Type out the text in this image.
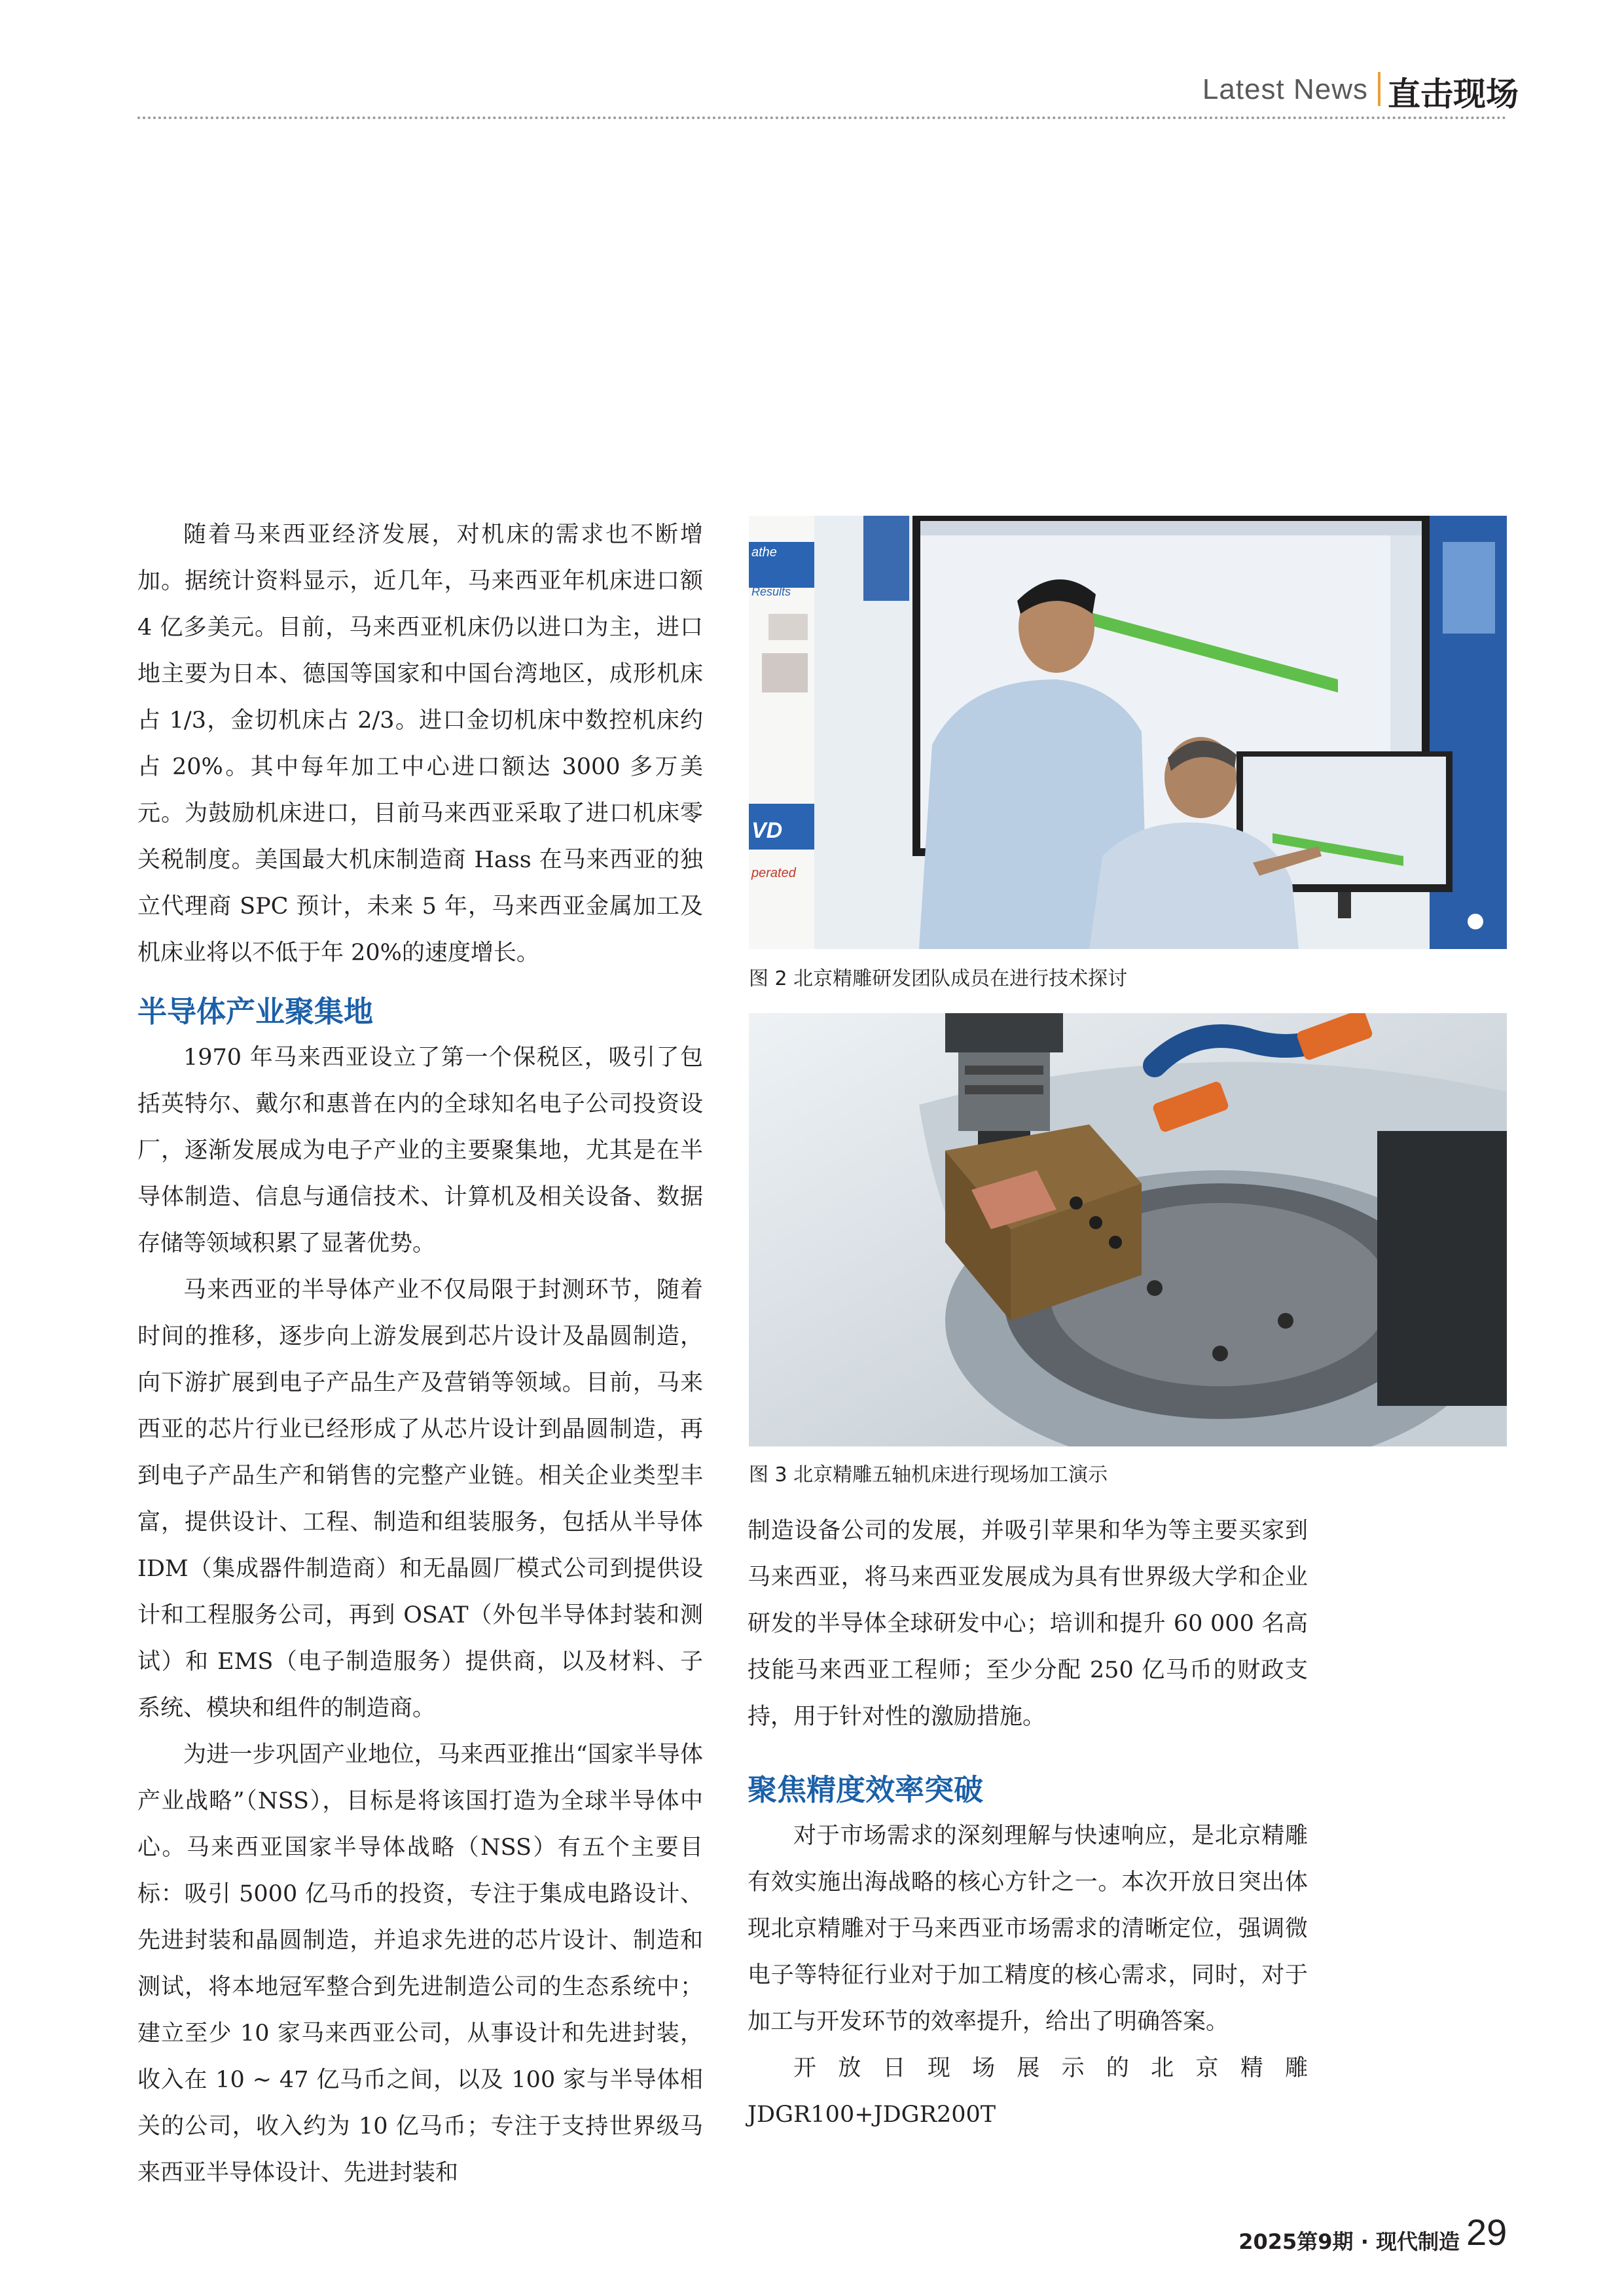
Latest News 直击现场

随着马来西亚经济发展，对机床的需求也不断增加。据统计资料显示，近几年，马来西亚年机床进口额 4 亿多美元。目前，马来西亚机床仍以进口为主，进口地主要为日本、德国等国家和中国台湾地区，成形机床占 1/3，金切机床占 2/3。进口金切机床中数控机床约占 20%。其中每年加工中心进口额达 3000 多万美元。为鼓励机床进口，目前马来西亚采取了进口机床零关税制度。美国最大机床制造商 Hass 在马来西亚的独立代理商 SPC 预计，未来 5 年，马来西亚金属加工及机床业将以不低于年 20%的速度增长。

半导体产业聚集地

1970 年马来西亚设立了第一个保税区，吸引了包括英特尔、戴尔和惠普在内的全球知名电子公司投资设厂，逐渐发展成为电子产业的主要聚集地，尤其是在半导体制造、信息与通信技术、计算机及相关设备、数据存储等领域积累了显著优势。

马来西亚的半导体产业不仅局限于封测环节，随着时间的推移，逐步向上游发展到芯片设计及晶圆制造，向下游扩展到电子产品生产及营销等领域。目前，马来西亚的芯片行业已经形成了从芯片设计到晶圆制造，再到电子产品生产和销售的完整产业链。相关企业类型丰富，提供设计、工程、制造和组装服务，包括从半导体 IDM（集成器件制造商）和无晶圆厂模式公司到提供设计和工程服务公司，再到 OSAT（外包半导体封装和测试）和 EMS（电子制造服务）提供商，以及材料、子系统、模块和组件的制造商。

为进一步巩固产业地位，马来西亚推出“国家半导体产业战略”（NSS），目标是将该国打造为全球半导体中心。马来西亚国家半导体战略（NSS）有五个主要目标：吸引 5000 亿马币的投资，专注于集成电路设计、先进封装和晶圆制造，并追求先进的芯片设计、制造和测试，将本地冠军整合到先进制造公司的生态系统中；建立至少 10 家马来西亚公司，从事设计和先进封装，收入在 10 ~ 47 亿马币之间，以及 100 家与半导体相关的公司，收入约为 10 亿马币；专注于支持世界级马来西亚半导体设计、先进封装和

athe
Results
VD
perated
图 2 北京精雕研发团队成员在进行技术探讨
图 3 北京精雕五轴机床进行现场加工演示

制造设备公司的发展，并吸引苹果和华为等主要买家到马来西亚，将马来西亚发展成为具有世界级大学和企业研发的半导体全球研发中心；培训和提升 60 000 名高技能马来西亚工程师；至少分配 250 亿马币的财政支持，用于针对性的激励措施。

聚焦精度效率突破

对于市场需求的深刻理解与快速响应，是北京精雕有效实施出海战略的核心方针之一。本次开放日突出体现北京精雕对于马来西亚市场需求的清晰定位，强调微电子等特征行业对于加工精度的核心需求，同时，对于加工与开发环节的效率提升，给出了明确答案。

开放日现场展示的北京精雕 JDGR100+JDGR200T

2025第9期 · 现代制造 29
